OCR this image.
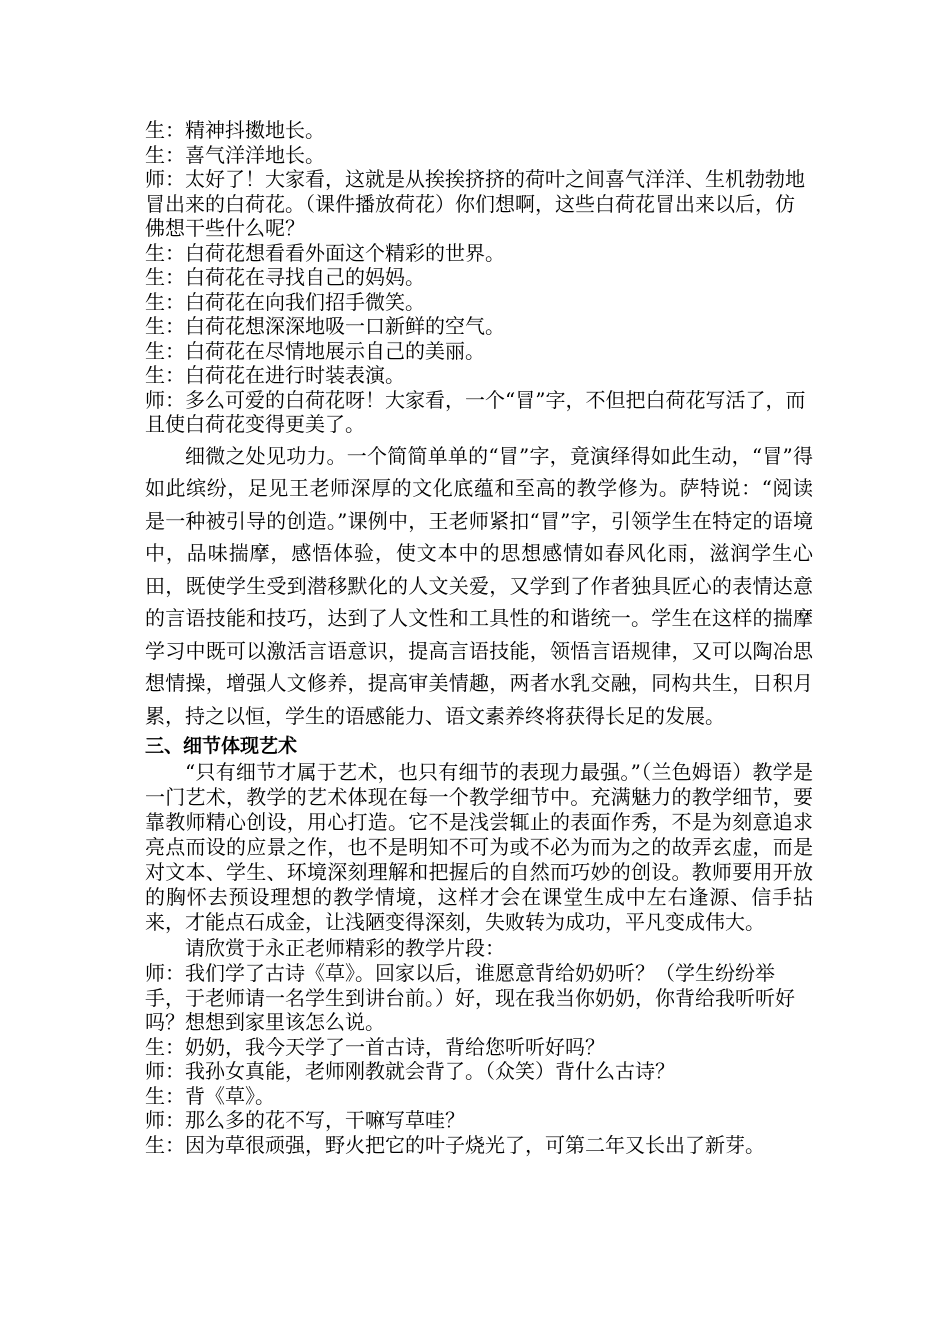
生：精神抖擞地长。

生：喜气洋洋地长。

师：太好了！大家看，这就是从挨挨挤挤的荷叶之间喜气洋洋、生机勃勃地冒出来的白荷花。（课件播放荷花）你们想啊，这些白荷花冒出来以后，仿佛想干些什么呢？

生：白荷花想看看外面这个精彩的世界。

生：白荷花在寻找自己的妈妈。

生：白荷花在向我们招手微笑。

生：白荷花想深深地吸一口新鲜的空气。

生：白荷花在尽情地展示自己的美丽。

生：白荷花在进行时装表演。

师：多么可爱的白荷花呀！大家看，一个“冒”字，不但把白荷花写活了，而且使白荷花变得更美了。

细微之处见功力。一个简简单单的“冒”字，竟演绎得如此生动，“冒”得如此缤纷，足见王老师深厚的文化底蕴和至高的教学修为。萨特说：“阅读是一种被引导的创造。”课例中，王老师紧扣“冒”字，引领学生在特定的语境中，品味揣摩，感悟体验，使文本中的思想感情如春风化雨，滋润学生心田，既使学生受到潜移默化的人文关爱，又学到了作者独具匠心的表情达意的言语技能和技巧，达到了人文性和工具性的和谐统一。学生在这样的揣摩学习中既可以激活言语意识，提高言语技能，领悟言语规律，又可以陶冶思想情操，增强人文修养，提高审美情趣，两者水乳交融，同构共生，日积月累，持之以恒，学生的语感能力、语文素养终将获得长足的发展。

三、细节体现艺术

“只有细节才属于艺术，也只有细节的表现力最强。”（兰色姆语）教学是一门艺术，教学的艺术体现在每一个教学细节中。充满魅力的教学细节，要靠教师精心创设，用心打造。它不是浅尝辄止的表面作秀，不是为刻意追求亮点而设的应景之作，也不是明知不可为或不必为而为之的故弄玄虚，而是对文本、学生、环境深刻理解和把握后的自然而巧妙的创设。教师要用开放的胸怀去预设理想的教学情境，这样才会在课堂生成中左右逢源、信手拈来，才能点石成金，让浅陋变得深刻，失败转为成功，平凡变成伟大。

请欣赏于永正老师精彩的教学片段：

师：我们学了古诗《草》。回家以后，谁愿意背给奶奶听？（学生纷纷举手，于老师请一名学生到讲台前。）好，现在我当你奶奶，你背给我听听好吗？想想到家里该怎么说。

生：奶奶，我今天学了一首古诗，背给您听听好吗？

师：我孙女真能，老师刚教就会背了。（众笑）背什么古诗？

生：背《草》。

师：那么多的花不写，干嘛写草哇？

生：因为草很顽强，野火把它的叶子烧光了，可第二年又长出了新芽。
